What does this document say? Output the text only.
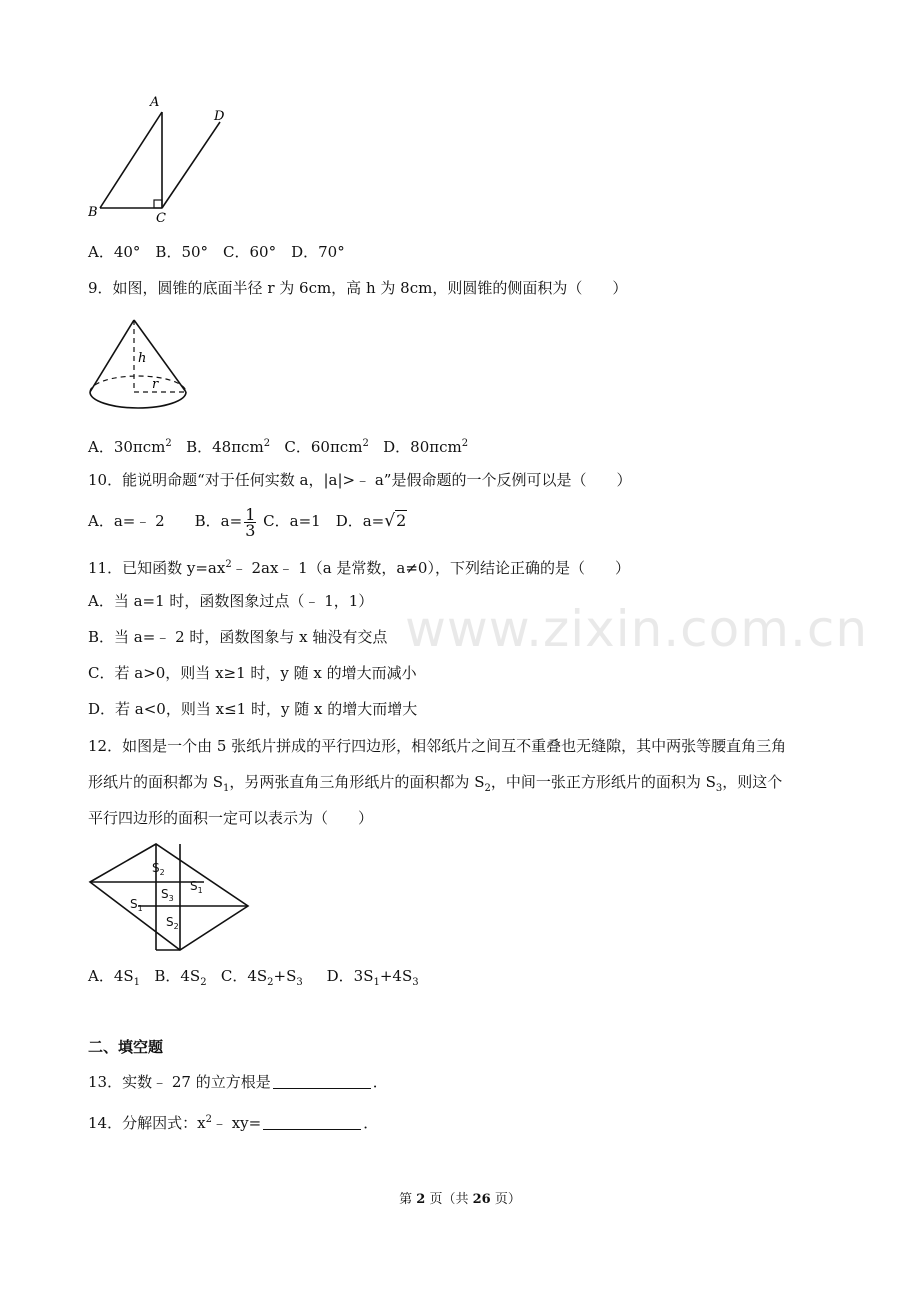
A
D
B	C
A．40°　B．50°　C．60°　D．70°
9．如图，圆锥的底面半径 r 为 6cm，高 h 为 8cm，则圆锥的侧面积为（　　）
h
r
A．30πcm$^2$ B．48πcm$^2$ C．60πcm$^2$ D．80πcm$^2$
10．能说明命题“对于任何实数 a，|a|>﹣ a”是假命题的一个反例可以是（　　）
A．a=﹣ 2　　B．$a= \frac{1}{3}$ C．a=1　D．a=√2
11．已知函数 $y=ax^2﹣$ 2ax﹣ 1（a 是常数，a≠0），下列结论正确的是（　　）
A．当 a=1 时，函数图象过点（﹣ 1，1）
B．当 a=﹣ 2 时，函数图象与 x 轴没有交点
C．若 a>0，则当 x≥1 时，y 随 x 的增大而减小
D．若 a<0，则当 x≤1 时，y 随 x 的增大而增大
12．如图是一个由 5 张纸片拼成的平行四边形，相邻纸片之间互不重叠也无缝隙，其中两张等腰直角三角
形纸片的面积都为 $S_1$，另两张直角三角形纸片的面积都为 $S_2$，中间一张正方形纸片的面积为 $S_3$，则这个
平行四边形的面积一定可以表示为（　　）
$S_2$
$S_3$
$S_1$
$S_1$
$S_2$
A．$4S_1$ B．$4S_2$ C．$4S_2+S_3$ D．$3S_1+4S_3$
二、填空题
13．实数﹣ 27 的立方根是	．
14．分解因式：$x^2﹣$ xy=	．
www.zixin.com.cn
第 2 页（共 26 页）
